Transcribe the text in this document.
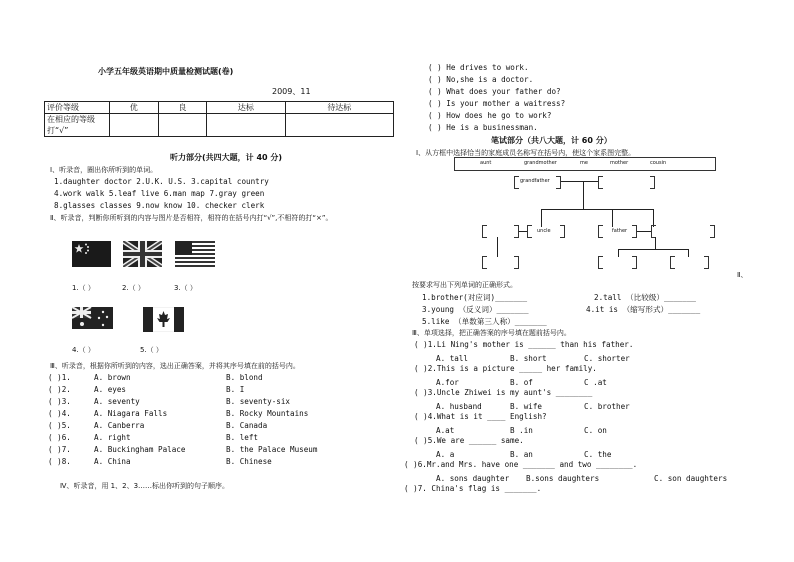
小学五年级英语期中质量检测试题(卷)
2009、11
评价等级	优	良	达标	待达标
在相应的等级
打“√”				
听力部分(共四大题，计 40 分)
Ⅰ、听录音，圈出你所听到的单词。
1.daughter doctor 2.U.K. U.S. 3.capital country
4.work walk 5.leaf live 6.man map 7.gray green
8.glasses classes 9.now know 10. checker clerk
Ⅱ、听录音，判断你所听到的内容与图片是否相符，相符的在括号内打“√”,不相符的打“×”。
1.（ ）	2.（ ）	3.（ ）
4.（ ）	5.（ ）
Ⅲ、听录音，根据你所听到的内容，选出正确答案，并将其序号填在前的括号内。
( )1.	A. brown	B. blond
( )2.	A. eyes	B. I
( )3.	A. seventy	B. seventy-six
( )4.	A. Niagara Falls	B. Rocky Mountains
( )5.	A. Canberra	B. Canada
( )6.	A. right	B. left
( )7.	A. Buckingham Palace	B. the Palace Museum
( )8.	A. China	B. Chinese
Ⅳ、听录音，用 1、2、3……标出你听到的句子顺序。
( ) He drives to work.
( ) No,she is a doctor.
( ) What does your father do?
( ) Is your mother a waitress?
( ) How does he go to work?
( ) He is a businessman.
笔试部分（共八大题，计 60 分）
Ⅰ、从方框中选择恰当的家庭成员名称写在括号内，使这个家系图完整。
aunt	grandmother	me	mother	cousin
grandfather
uncle	father
Ⅱ、
按要求写出下列单词的正确形式。
1.brother(对应词)_______	2.tall （比较级）_______
3.young （反义词）_______	4.it is （缩写形式）_______
5.like （单数第三人称）_______
Ⅲ、单项选择，把正确答案的序号填在题前括号内。
( )1.Li Ning's mother is ______ than his father.
A. tall	B. short	C. shorter
( )2.This is a picture _____ her family.
A.for	B. of	C .at
( )3.Uncle Zhiwei is my aunt's ________
A. husband	B. wife	C. brother
( )4.What is it ____ English?
A.at	B .in	C. on
( )5.We are ______ same.
A. a	B. an	C. the
( )6.Mr.and Mrs. have one _______ and two ________.
A. sons daughter B.sons daughters	C. son daughters
( )7. China's flag is _______.
